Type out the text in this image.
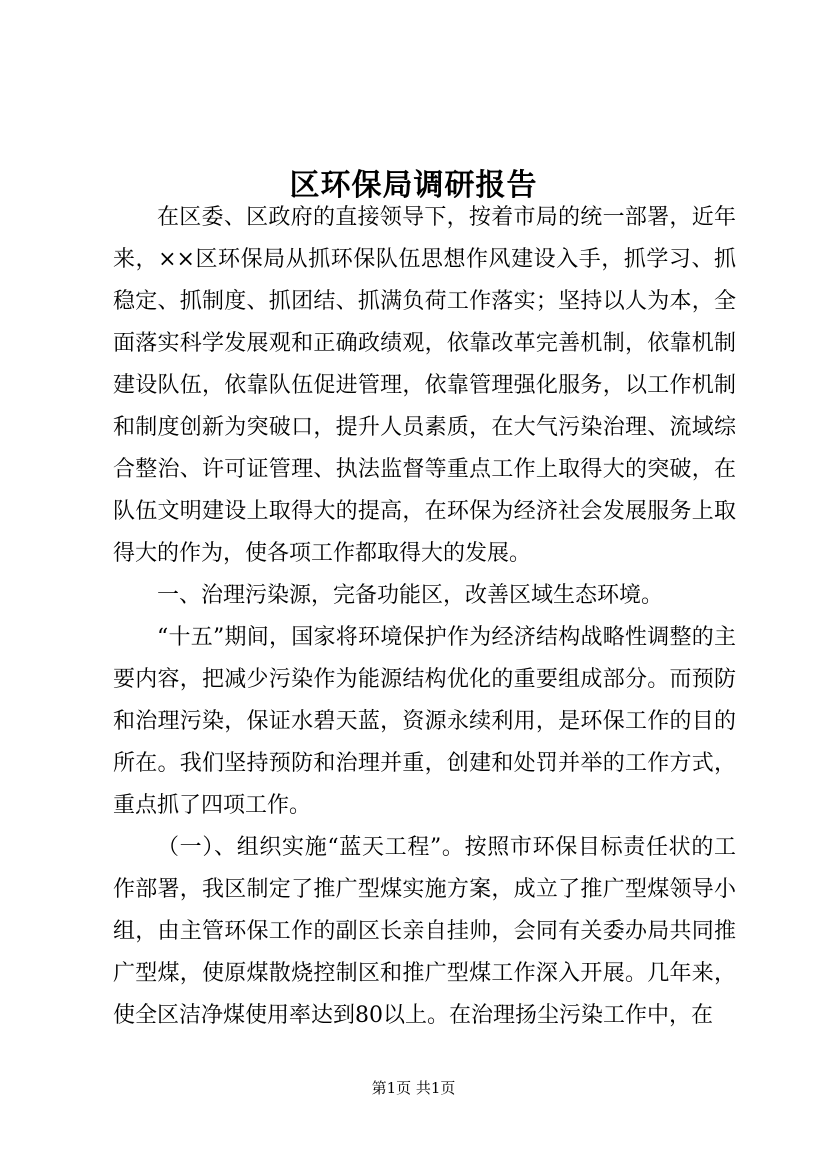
区环保局调研报告

在区委、区政府的直接领导下，按着市局的统一部署，近年来，××区环保局从抓环保队伍思想作风建设入手，抓学习、抓稳定、抓制度、抓团结、抓满负荷工作落实；坚持以人为本，全面落实科学发展观和正确政绩观，依靠改革完善机制，依靠机制建设队伍，依靠队伍促进管理，依靠管理强化服务，以工作机制和制度创新为突破口，提升人员素质，在大气污染治理、流域综合整治、许可证管理、执法监督等重点工作上取得大的突破，在队伍文明建设上取得大的提高，在环保为经济社会发展服务上取得大的作为，使各项工作都取得大的发展。

一、治理污染源，完备功能区，改善区域生态环境。

“十五”期间，国家将环境保护作为经济结构战略性调整的主要内容，把减少污染作为能源结构优化的重要组成部分。而预防和治理污染，保证水碧天蓝，资源永续利用，是环保工作的目的所在。我们坚持预防和治理并重，创建和处罚并举的工作方式，重点抓了四项工作。

（一）、组织实施“蓝天工程”。按照市环保目标责任状的工作部署，我区制定了推广型煤实施方案，成立了推广型煤领导小组，由主管环保工作的副区长亲自挂帅，会同有关委办局共同推广型煤，使原煤散烧控制区和推广型煤工作深入开展。几年来，使全区洁净煤使用率达到80以上。在治理扬尘污染工作中，在

第1页 共1页
